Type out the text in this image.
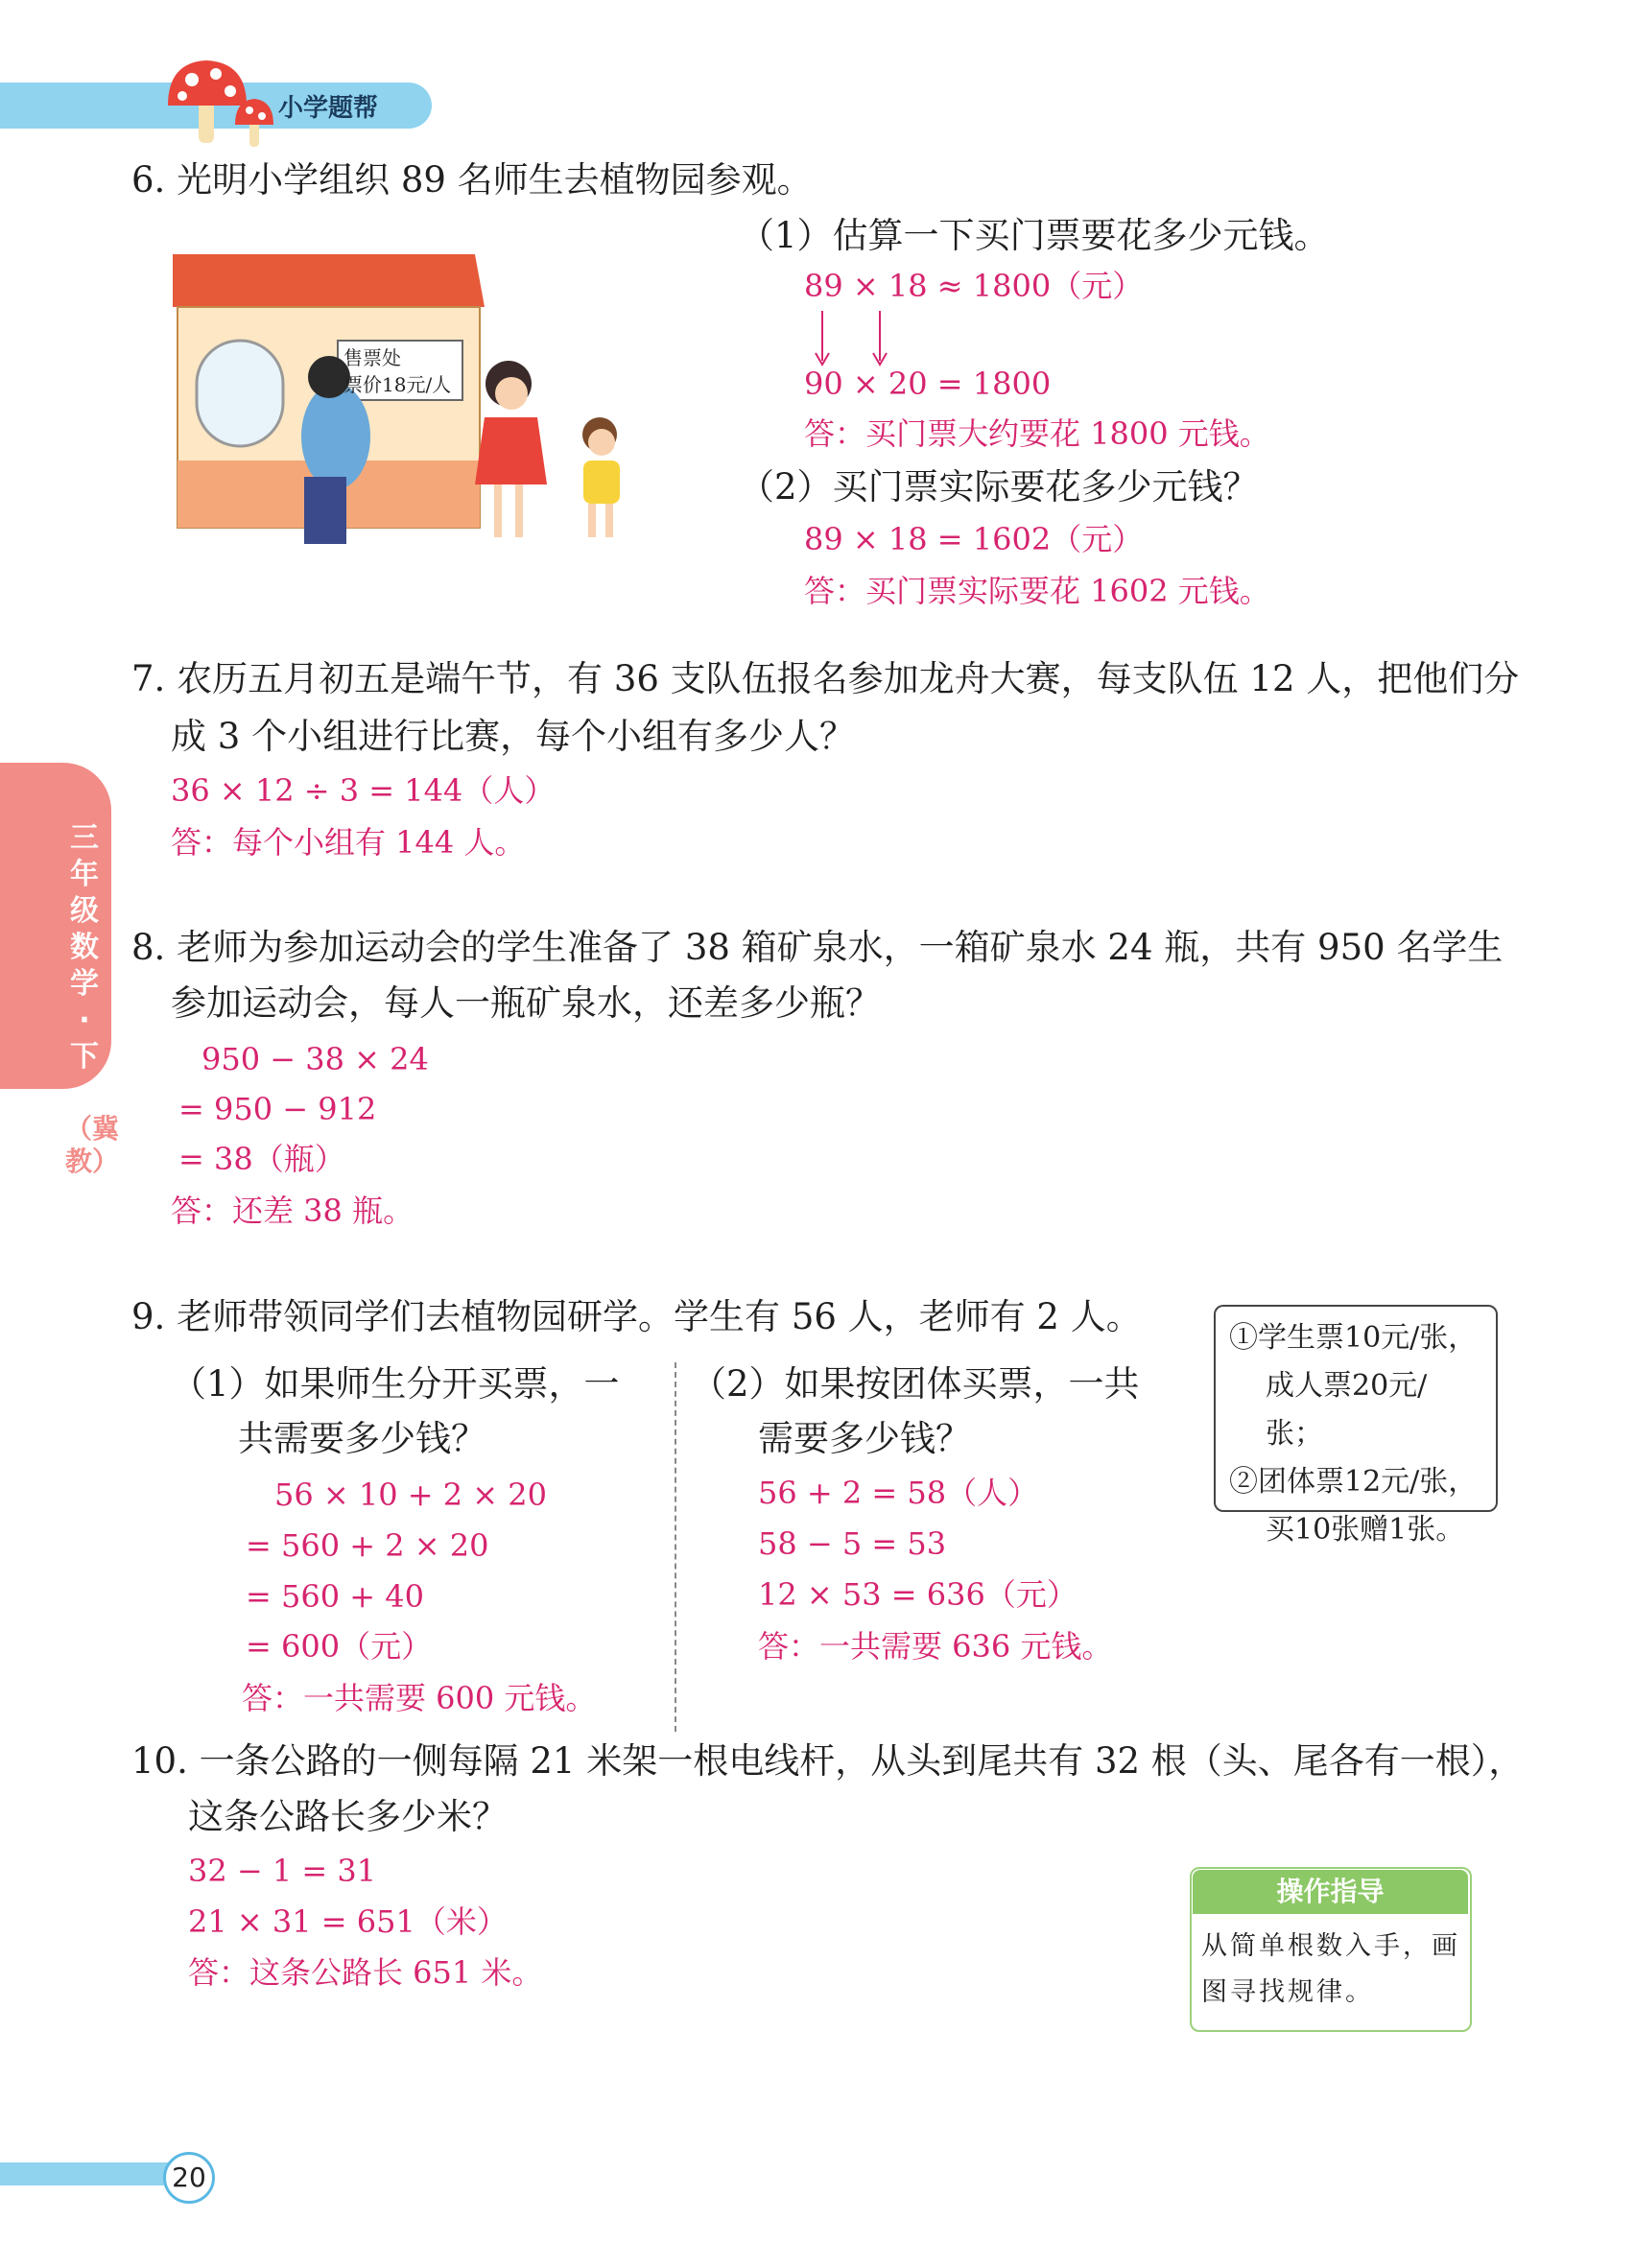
小学题帮
三年级数学·下
（冀教）
6. 光明小学组织 89 名师生去植物园参观。
售票处
票价18元/人
（1）估算一下买门票要花多少元钱。
89 × 18 ≈ 1800（元）
90 × 20 = 1800
答：买门票大约要花 1800 元钱。
（2）买门票实际要花多少元钱？
89 × 18 = 1602（元）
答：买门票实际要花 1602 元钱。
7. 农历五月初五是端午节，有 36 支队伍报名参加龙舟大赛，每支队伍 12 人，把他们分
成 3 个小组进行比赛，每个小组有多少人？
36 × 12 ÷ 3 = 144（人）
答：每个小组有 144 人。
8. 老师为参加运动会的学生准备了 38 箱矿泉水，一箱矿泉水 24 瓶，共有 950 名学生
参加运动会，每人一瓶矿泉水，还差多少瓶？
950 − 38 × 24
= 950 − 912
= 38（瓶）
答：还差 38 瓶。
9. 老师带领同学们去植物园研学。学生有 56 人，老师有 2 人。
①学生票10元/张，
成人票20元/张；
②团体票12元/张，
买10张赠1张。
（1）如果师生分开买票，一
共需要多少钱？
56 × 10 + 2 × 20
= 560 + 2 × 20
= 560 + 40
= 600（元）
答：一共需要 600 元钱。
（2）如果按团体买票，一共
需要多少钱？
56 + 2 = 58（人）
58 − 5 = 53
12 × 53 = 636（元）
答：一共需要 636 元钱。
10. 一条公路的一侧每隔 21 米架一根电线杆，从头到尾共有 32 根（头、尾各有一根），
这条公路长多少米？
32 − 1 = 31
21 × 31 = 651（米）
答：这条公路长 651 米。
操作指导
从简单根数入手，画图寻找规律。
20
